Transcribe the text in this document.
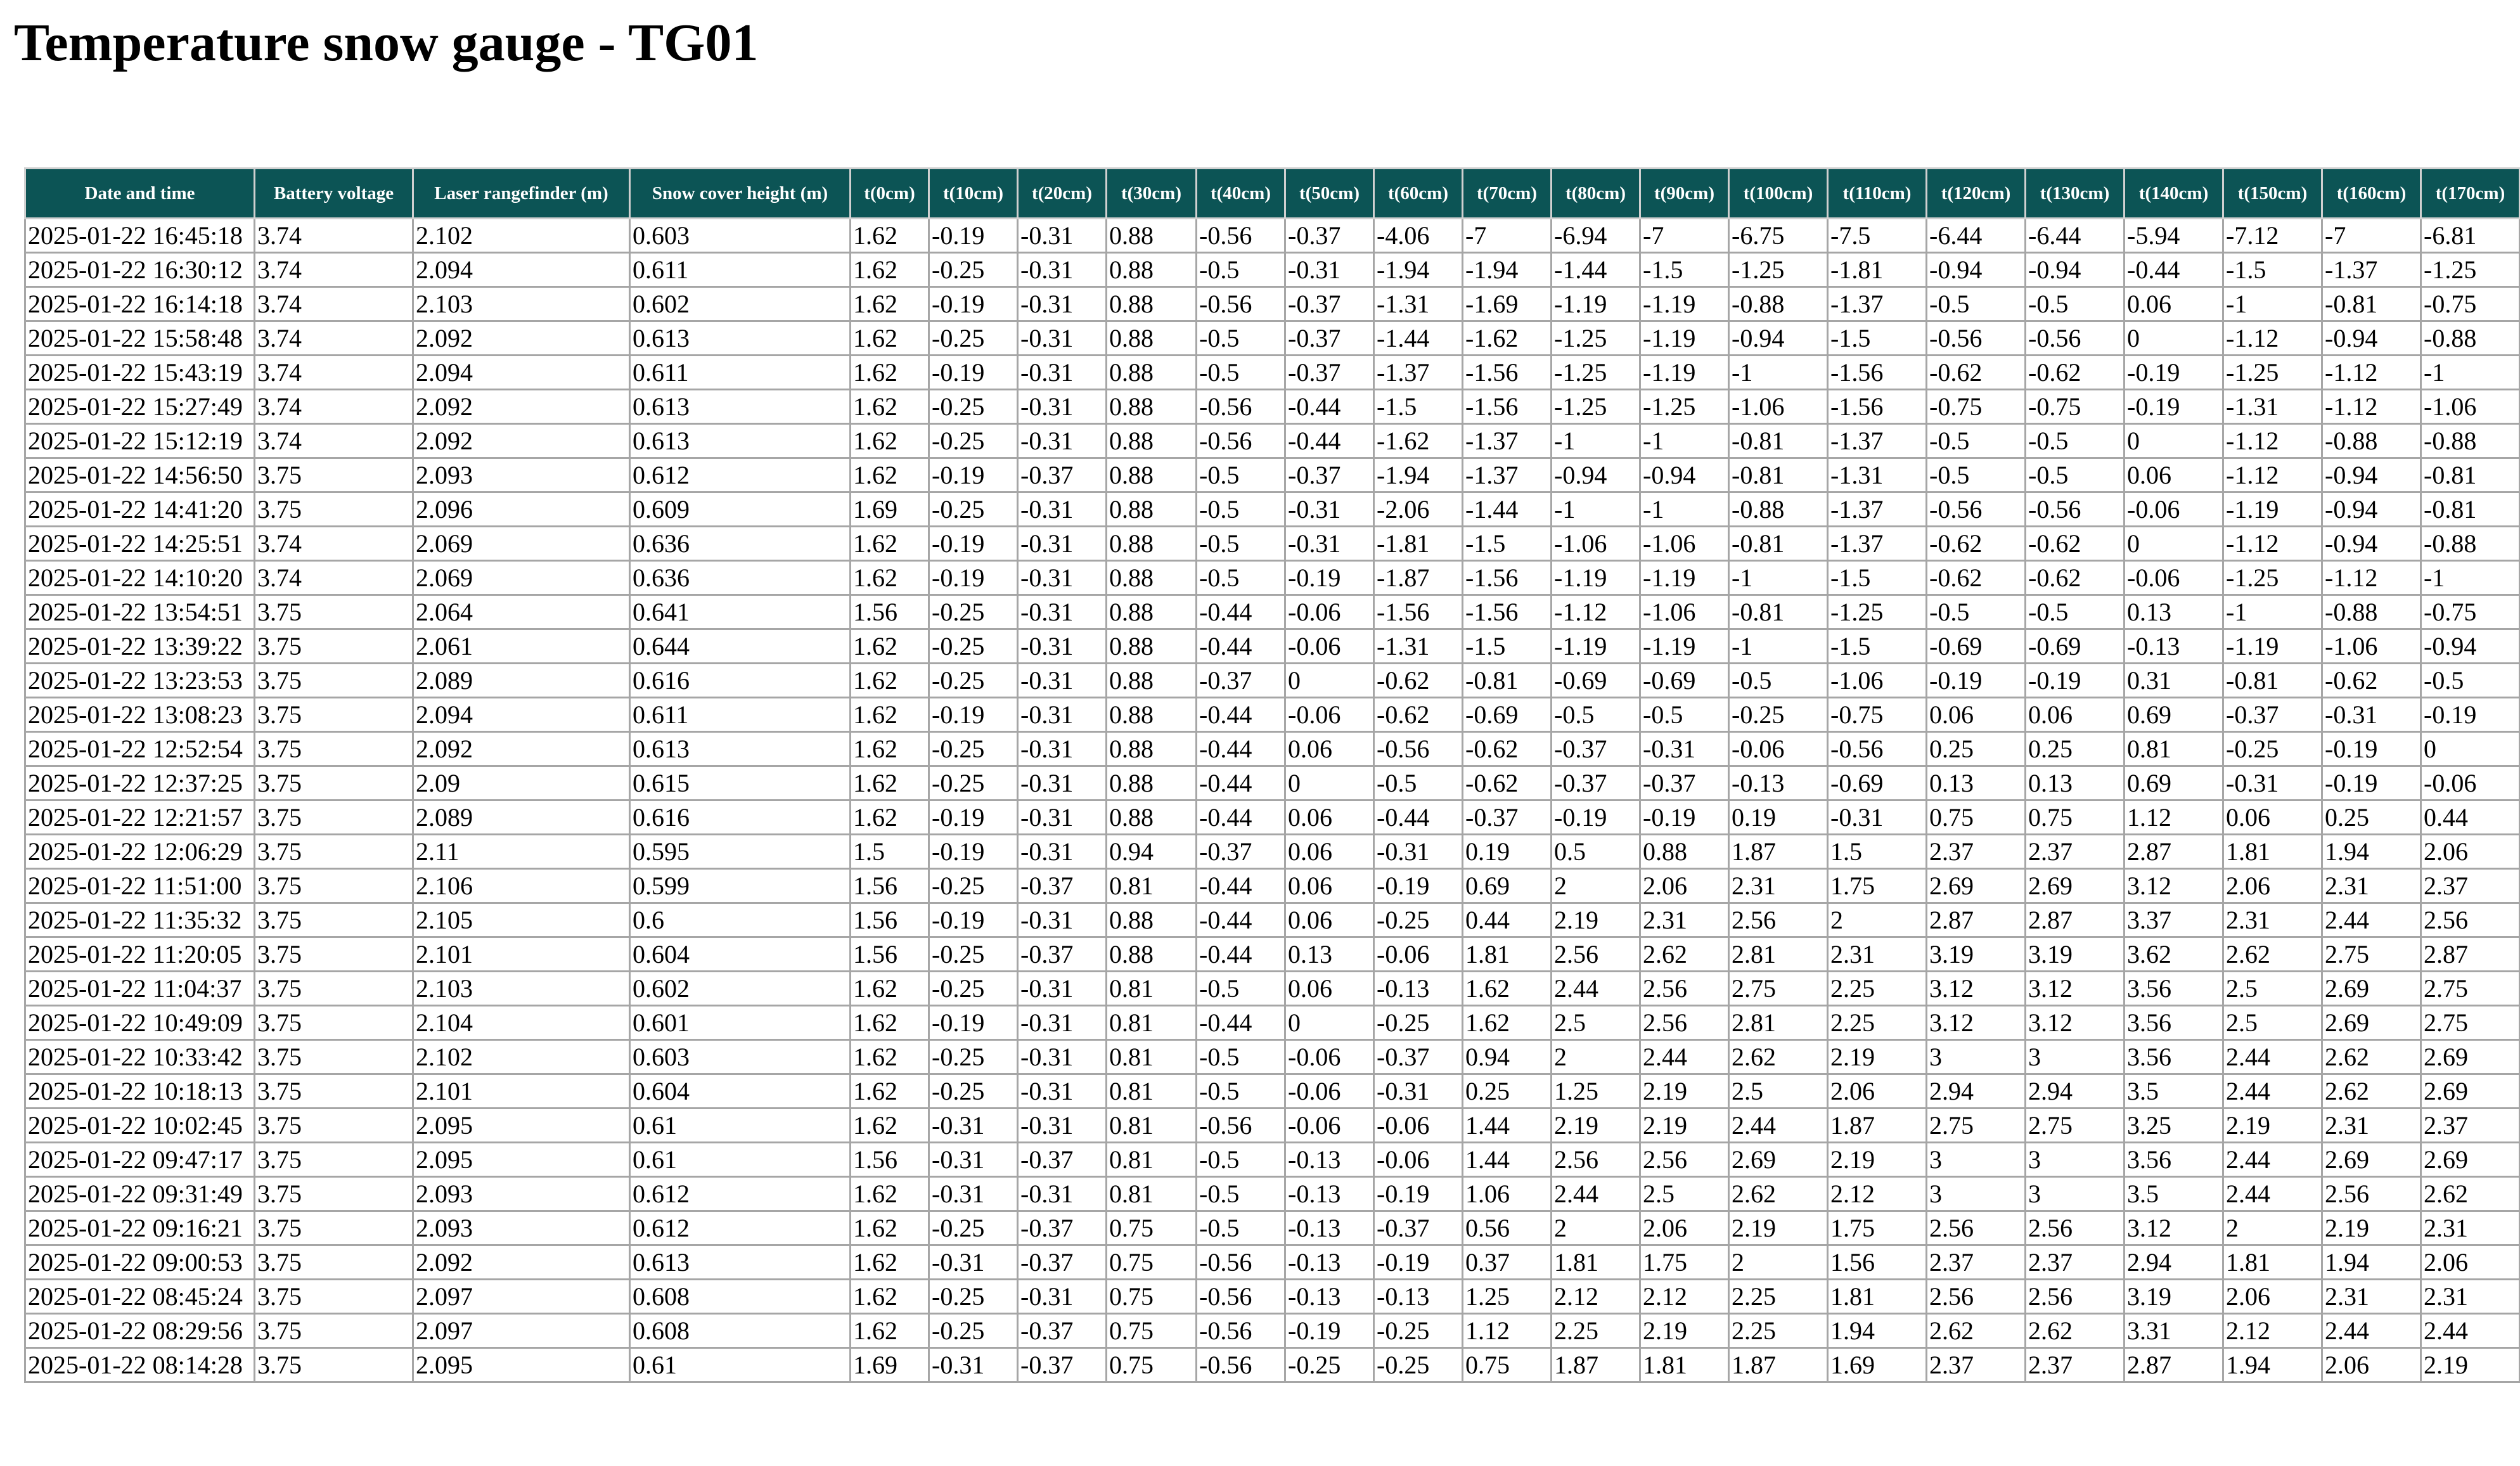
Temperature snow gauge - TG01
Date and time	Battery voltage	Laser rangefinder (m)	Snow cover height (m)	t(0cm)	t(10cm)	t(20cm)	t(30cm)	t(40cm)	t(50cm)	t(60cm)	t(70cm)	t(80cm)	t(90cm)	t(100cm)	t(110cm)	t(120cm)	t(130cm)	t(140cm)	t(150cm)	t(160cm)	t(170cm)
2025-01-22 16:45:18	3.74	2.102	0.603	1.62	-0.19	-0.31	0.88	-0.56	-0.37	-4.06	-7	-6.94	-7	-6.75	-7.5	-6.44	-6.44	-5.94	-7.12	-7	-6.81
2025-01-22 16:30:12	3.74	2.094	0.611	1.62	-0.25	-0.31	0.88	-0.5	-0.31	-1.94	-1.94	-1.44	-1.5	-1.25	-1.81	-0.94	-0.94	-0.44	-1.5	-1.37	-1.25
2025-01-22 16:14:18	3.74	2.103	0.602	1.62	-0.19	-0.31	0.88	-0.56	-0.37	-1.31	-1.69	-1.19	-1.19	-0.88	-1.37	-0.5	-0.5	0.06	-1	-0.81	-0.75
2025-01-22 15:58:48	3.74	2.092	0.613	1.62	-0.25	-0.31	0.88	-0.5	-0.37	-1.44	-1.62	-1.25	-1.19	-0.94	-1.5	-0.56	-0.56	0	-1.12	-0.94	-0.88
2025-01-22 15:43:19	3.74	2.094	0.611	1.62	-0.19	-0.31	0.88	-0.5	-0.37	-1.37	-1.56	-1.25	-1.19	-1	-1.56	-0.62	-0.62	-0.19	-1.25	-1.12	-1
2025-01-22 15:27:49	3.74	2.092	0.613	1.62	-0.25	-0.31	0.88	-0.56	-0.44	-1.5	-1.56	-1.25	-1.25	-1.06	-1.56	-0.75	-0.75	-0.19	-1.31	-1.12	-1.06
2025-01-22 15:12:19	3.74	2.092	0.613	1.62	-0.25	-0.31	0.88	-0.56	-0.44	-1.62	-1.37	-1	-1	-0.81	-1.37	-0.5	-0.5	0	-1.12	-0.88	-0.88
2025-01-22 14:56:50	3.75	2.093	0.612	1.62	-0.19	-0.37	0.88	-0.5	-0.37	-1.94	-1.37	-0.94	-0.94	-0.81	-1.31	-0.5	-0.5	0.06	-1.12	-0.94	-0.81
2025-01-22 14:41:20	3.75	2.096	0.609	1.69	-0.25	-0.31	0.88	-0.5	-0.31	-2.06	-1.44	-1	-1	-0.88	-1.37	-0.56	-0.56	-0.06	-1.19	-0.94	-0.81
2025-01-22 14:25:51	3.74	2.069	0.636	1.62	-0.19	-0.31	0.88	-0.5	-0.31	-1.81	-1.5	-1.06	-1.06	-0.81	-1.37	-0.62	-0.62	0	-1.12	-0.94	-0.88
2025-01-22 14:10:20	3.74	2.069	0.636	1.62	-0.19	-0.31	0.88	-0.5	-0.19	-1.87	-1.56	-1.19	-1.19	-1	-1.5	-0.62	-0.62	-0.06	-1.25	-1.12	-1
2025-01-22 13:54:51	3.75	2.064	0.641	1.56	-0.25	-0.31	0.88	-0.44	-0.06	-1.56	-1.56	-1.12	-1.06	-0.81	-1.25	-0.5	-0.5	0.13	-1	-0.88	-0.75
2025-01-22 13:39:22	3.75	2.061	0.644	1.62	-0.25	-0.31	0.88	-0.44	-0.06	-1.31	-1.5	-1.19	-1.19	-1	-1.5	-0.69	-0.69	-0.13	-1.19	-1.06	-0.94
2025-01-22 13:23:53	3.75	2.089	0.616	1.62	-0.25	-0.31	0.88	-0.37	0	-0.62	-0.81	-0.69	-0.69	-0.5	-1.06	-0.19	-0.19	0.31	-0.81	-0.62	-0.5
2025-01-22 13:08:23	3.75	2.094	0.611	1.62	-0.19	-0.31	0.88	-0.44	-0.06	-0.62	-0.69	-0.5	-0.5	-0.25	-0.75	0.06	0.06	0.69	-0.37	-0.31	-0.19
2025-01-22 12:52:54	3.75	2.092	0.613	1.62	-0.25	-0.31	0.88	-0.44	0.06	-0.56	-0.62	-0.37	-0.31	-0.06	-0.56	0.25	0.25	0.81	-0.25	-0.19	0
2025-01-22 12:37:25	3.75	2.09	0.615	1.62	-0.25	-0.31	0.88	-0.44	0	-0.5	-0.62	-0.37	-0.37	-0.13	-0.69	0.13	0.13	0.69	-0.31	-0.19	-0.06
2025-01-22 12:21:57	3.75	2.089	0.616	1.62	-0.19	-0.31	0.88	-0.44	0.06	-0.44	-0.37	-0.19	-0.19	0.19	-0.31	0.75	0.75	1.12	0.06	0.25	0.44
2025-01-22 12:06:29	3.75	2.11	0.595	1.5	-0.19	-0.31	0.94	-0.37	0.06	-0.31	0.19	0.5	0.88	1.87	1.5	2.37	2.37	2.87	1.81	1.94	2.06
2025-01-22 11:51:00	3.75	2.106	0.599	1.56	-0.25	-0.37	0.81	-0.44	0.06	-0.19	0.69	2	2.06	2.31	1.75	2.69	2.69	3.12	2.06	2.31	2.37
2025-01-22 11:35:32	3.75	2.105	0.6	1.56	-0.19	-0.31	0.88	-0.44	0.06	-0.25	0.44	2.19	2.31	2.56	2	2.87	2.87	3.37	2.31	2.44	2.56
2025-01-22 11:20:05	3.75	2.101	0.604	1.56	-0.25	-0.37	0.88	-0.44	0.13	-0.06	1.81	2.56	2.62	2.81	2.31	3.19	3.19	3.62	2.62	2.75	2.87
2025-01-22 11:04:37	3.75	2.103	0.602	1.62	-0.25	-0.31	0.81	-0.5	0.06	-0.13	1.62	2.44	2.56	2.75	2.25	3.12	3.12	3.56	2.5	2.69	2.75
2025-01-22 10:49:09	3.75	2.104	0.601	1.62	-0.19	-0.31	0.81	-0.44	0	-0.25	1.62	2.5	2.56	2.81	2.25	3.12	3.12	3.56	2.5	2.69	2.75
2025-01-22 10:33:42	3.75	2.102	0.603	1.62	-0.25	-0.31	0.81	-0.5	-0.06	-0.37	0.94	2	2.44	2.62	2.19	3	3	3.56	2.44	2.62	2.69
2025-01-22 10:18:13	3.75	2.101	0.604	1.62	-0.25	-0.31	0.81	-0.5	-0.06	-0.31	0.25	1.25	2.19	2.5	2.06	2.94	2.94	3.5	2.44	2.62	2.69
2025-01-22 10:02:45	3.75	2.095	0.61	1.62	-0.31	-0.31	0.81	-0.56	-0.06	-0.06	1.44	2.19	2.19	2.44	1.87	2.75	2.75	3.25	2.19	2.31	2.37
2025-01-22 09:47:17	3.75	2.095	0.61	1.56	-0.31	-0.37	0.81	-0.5	-0.13	-0.06	1.44	2.56	2.56	2.69	2.19	3	3	3.56	2.44	2.69	2.69
2025-01-22 09:31:49	3.75	2.093	0.612	1.62	-0.31	-0.31	0.81	-0.5	-0.13	-0.19	1.06	2.44	2.5	2.62	2.12	3	3	3.5	2.44	2.56	2.62
2025-01-22 09:16:21	3.75	2.093	0.612	1.62	-0.25	-0.37	0.75	-0.5	-0.13	-0.37	0.56	2	2.06	2.19	1.75	2.56	2.56	3.12	2	2.19	2.31
2025-01-22 09:00:53	3.75	2.092	0.613	1.62	-0.31	-0.37	0.75	-0.56	-0.13	-0.19	0.37	1.81	1.75	2	1.56	2.37	2.37	2.94	1.81	1.94	2.06
2025-01-22 08:45:24	3.75	2.097	0.608	1.62	-0.25	-0.31	0.75	-0.56	-0.13	-0.13	1.25	2.12	2.12	2.25	1.81	2.56	2.56	3.19	2.06	2.31	2.31
2025-01-22 08:29:56	3.75	2.097	0.608	1.62	-0.25	-0.37	0.75	-0.56	-0.19	-0.25	1.12	2.25	2.19	2.25	1.94	2.62	2.62	3.31	2.12	2.44	2.44
2025-01-22 08:14:28	3.75	2.095	0.61	1.69	-0.31	-0.37	0.75	-0.56	-0.25	-0.25	0.75	1.87	1.81	1.87	1.69	2.37	2.37	2.87	1.94	2.06	2.19
